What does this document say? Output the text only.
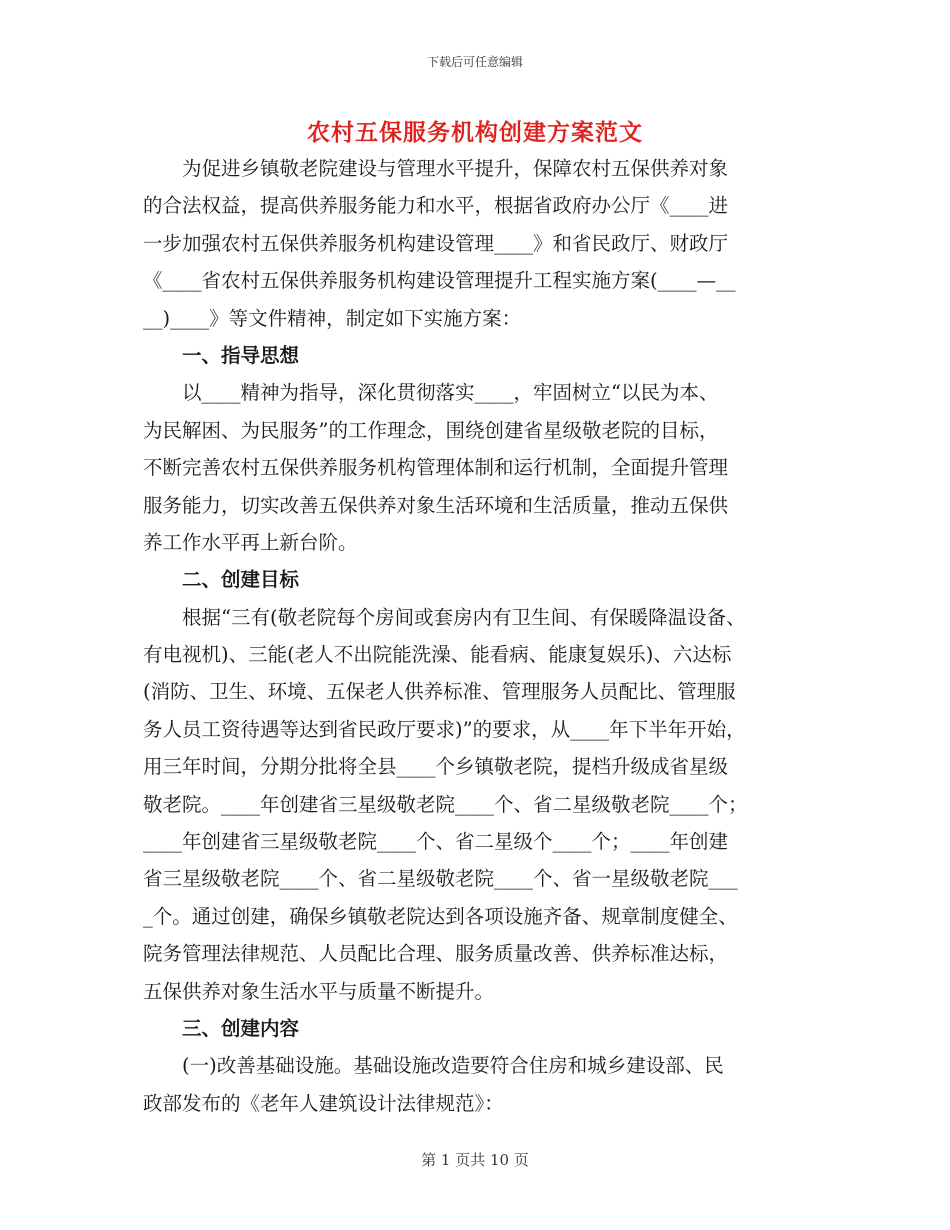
下载后可任意编辑
农村五保服务机构创建方案范文
　　为促进乡镇敬老院建设与管理水平提升，保障农村五保供养对象
的合法权益，提高供养服务能力和水平，根据省政府办公厅《____进
一步加强农村五保供养服务机构建设管理____》和省民政厅、财政厅
《____省农村五保供养服务机构建设管理提升工程实施方案(____—__
__)____》等文件精神，制定如下实施方案：
　　一、指导思想
　　以____精神为指导，深化贯彻落实____，牢固树立“以民为本、
为民解困、为民服务”的工作理念，围绕创建省星级敬老院的目标，
不断完善农村五保供养服务机构管理体制和运行机制，全面提升管理
服务能力，切实改善五保供养对象生活环境和生活质量，推动五保供
养工作水平再上新台阶。
　　二、创建目标
　　根据“三有(敬老院每个房间或套房内有卫生间、有保暖降温设备、
有电视机)、三能(老人不出院能洗澡、能看病、能康复娱乐)、六达标
(消防、卫生、环境、五保老人供养标准、管理服务人员配比、管理服
务人员工资待遇等达到省民政厅要求)”的要求，从____年下半年开始，
用三年时间，分期分批将全县____个乡镇敬老院，提档升级成省星级
敬老院。____年创建省三星级敬老院____个、省二星级敬老院____个；
____年创建省三星级敬老院____个、省二星级个____个；____年创建
省三星级敬老院____个、省二星级敬老院____个、省一星级敬老院___
_个。通过创建，确保乡镇敬老院达到各项设施齐备、规章制度健全、
院务管理法律规范、人员配比合理、服务质量改善、供养标准达标，
五保供养对象生活水平与质量不断提升。
　　三、创建内容
　　(一)改善基础设施。基础设施改造要符合住房和城乡建设部、民
政部发布的《老年人建筑设计法律规范》：
第 1 页共 10 页
